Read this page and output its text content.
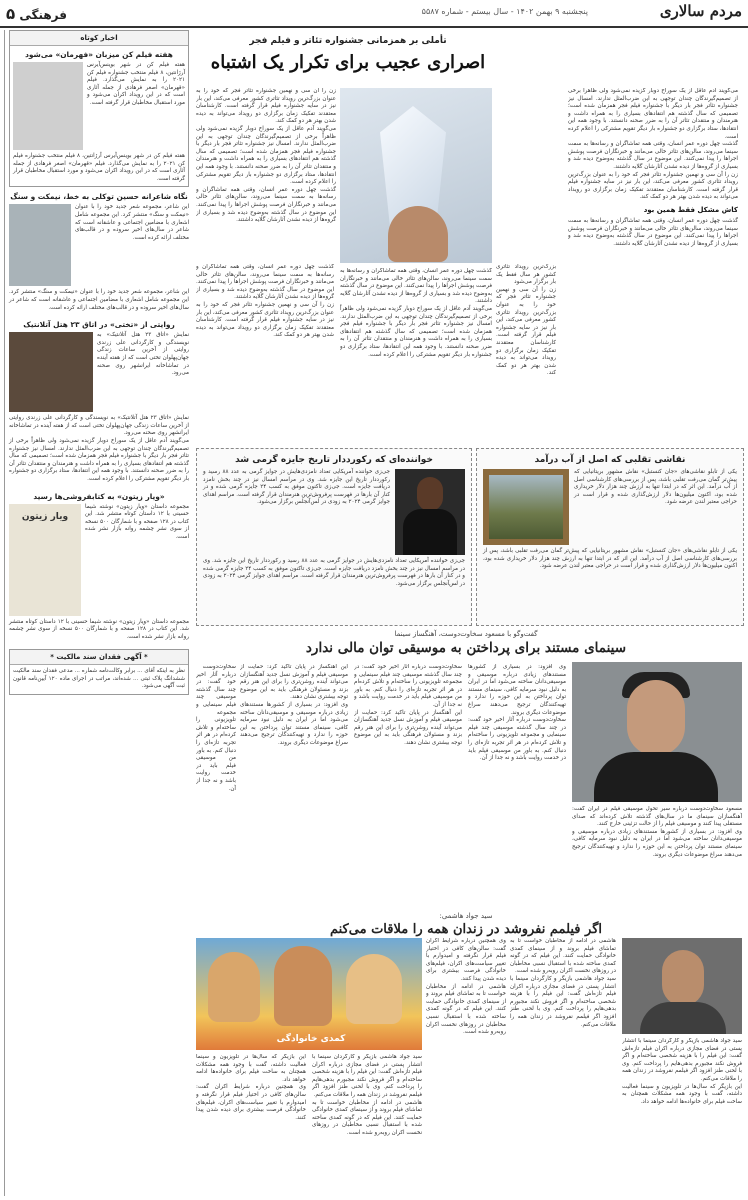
مردم سالاری
پنجشنبه ۹ بهمن ۱۴۰۲ - سال بیستم - شماره ۵۵۸۷
فرهنگی ۵
اخبار کوتاه
هفته فیلم کن میزبان «فهرمان» می‌شود

هفته فیلم کن در شهر بوینس‌آیرس آرژانتین، ۸ فیلم منتخب جشنواره فیلم کن ۲۰۲۱ را به نمایش می‌گذارد. فیلم «قهرمان» اصغر فرهادی از جمله آثاری است که در این رویداد اکران می‌شود و مورد استقبال مخاطبان قرار گرفته است.

هفته فیلم کن در شهر بوینس‌آیرس آرژانتین، ۸ فیلم منتخب جشنواره فیلم کن ۲۰۲۱ را به نمایش می‌گذارد. فیلم «قهرمان» اصغر فرهادی از جمله آثاری است که در این رویداد اکران می‌شود و مورد استقبال مخاطبان قرار گرفته است.

نگاه شاعرانه حسین توکلی به خط، نیمکت و سنگ

این شاعر، مجموعه شعر جدید خود را با عنوان «نیمکت و سنگ» منتشر کرد. این مجموعه شامل اشعاری با مضامین اجتماعی و عاشقانه است که شاعر در سال‌های اخیر سروده و در قالب‌های مختلف ارائه کرده است.

این شاعر، مجموعه شعر جدید خود را با عنوان «نیمکت و سنگ» منتشر کرد. این مجموعه شامل اشعاری با مضامین اجتماعی و عاشقانه است که شاعر در سال‌های اخیر سروده و در قالب‌های مختلف ارائه کرده است.

روایتی از «تختی» در اتاق ۲۳ هتل آتلانتیک

نمایش «اتاق ۲۳ هتل آتلانتیک» به نویسندگی و کارگردانی علی زرندی روایتی از آخرین ساعات زندگی جهان‌پهلوان تختی است که از هفته آینده در تماشاخانه ایرانشهر روی صحنه می‌رود.

نمایش «اتاق ۲۳ هتل آتلانتیک» به نویسندگی و کارگردانی علی زرندی روایتی از آخرین ساعات زندگی جهان‌پهلوان تختی است که از هفته آینده در تماشاخانه ایرانشهر روی صحنه می‌رود.

می‌گویند آدم عاقل از یک سوراخ دوبار گزیده نمی‌شود ولی ظاهراً برخی از تصمیم‌گیرندگان چندان توجهی به این ضرب‌المثل ندارند. امسال نیز جشنواره تئاتر فجر بار دیگر با جشنواره فیلم فجر همزمان شده است؛ تصمیمی که سال گذشته هم انتقادهای بسیاری را به همراه داشت و هنرمندان و منتقدان تئاتر آن را به ضرر صحنه دانستند. با وجود همه این انتقادها، ستاد برگزاری دو جشنواره بار دیگر تقویم مشترکی را اعلام کرده است.

«ویار زیتون» به کتابفروشی‌ها رسید

مجموعه داستان «ویار زیتون» نوشته شیما حسینی با ۱۲ داستان کوتاه منتشر شد. این کتاب در ۱۲۸ صفحه و با شمارگان ۵۰۰ نسخه از سوی نشر چشمه روانه بازار نشر شده است.

ویار زیتون

مجموعه داستان «ویار زیتون» نوشته شیما حسینی با ۱۲ داستان کوتاه منتشر شد. این کتاب در ۱۲۸ صفحه و با شمارگان ۵۰۰ نسخه از سوی نشر چشمه روانه بازار نشر شده است.

* آگهی فقدان سند مالکیت *

نظر به اینکه آقای ... برابر وکالت‌نامه شماره ... مدعی فقدان سند مالکیت ششدانگ پلاک ثبتی ... شده‌اند، مراتب در اجرای ماده ۱۲۰ آیین‌نامه قانون ثبت آگهی می‌شود.

تأملی بر همزمانی جشنواره تئاتر و فیلم فجر
اصراری عجیب برای تکرار یک اشتباه

می‌گویند آدم عاقل از یک سوراخ دوبار گزیده نمی‌شود ولی ظاهراً برخی از تصمیم‌گیرندگان چندان توجهی به این ضرب‌المثل ندارند. امسال نیز جشنواره تئاتر فجر بار دیگر با جشنواره فیلم فجر همزمان شده است؛ تصمیمی که سال گذشته هم انتقادهای بسیاری را به همراه داشت و هنرمندان و منتقدان تئاتر آن را به ضرر صحنه دانستند. با وجود همه این انتقادها، ستاد برگزاری دو جشنواره بار دیگر تقویم مشترکی را اعلام کرده است.

گذشت چهل دوره عمر انسان، وقتی همه تماشاگران و رسانه‌ها به سمت سینما می‌روند، سالن‌های تئاتر خالی می‌مانند و خبرنگاران فرصت پوشش اجراها را پیدا نمی‌کنند. این موضوع در سال گذشته به‌وضوح دیده شد و بسیاری از گروه‌ها از دیده نشدن آثارشان گلایه داشتند.

زن را آن سی و نهمین جشنواره تئاتر فجر که خود را به عنوان بزرگ‌ترین رویداد تئاتری کشور معرفی می‌کند، این بار نیز در سایه جشنواره فیلم قرار گرفته است. کارشناسان معتقدند تفکیک زمان برگزاری دو رویداد می‌تواند به دیده شدن بهتر هر دو کمک کند.

کاش مشکل فقط همین بود

گذشت چهل دوره عمر انسان، وقتی همه تماشاگران و رسانه‌ها به سمت سینما می‌روند، سالن‌های تئاتر خالی می‌مانند و خبرنگاران فرصت پوشش اجراها را پیدا نمی‌کنند. این موضوع در سال گذشته به‌وضوح دیده شد و بسیاری از گروه‌ها از دیده نشدن آثارشان گلایه داشتند.

زن را آن سی و نهمین جشنواره تئاتر فجر که خود را به عنوان بزرگ‌ترین رویداد تئاتری کشور معرفی می‌کند، این بار نیز در سایه جشنواره فیلم قرار گرفته است. کارشناسان معتقدند تفکیک زمان برگزاری دو رویداد می‌تواند به دیده شدن بهتر هر دو کمک کند.

می‌گویند آدم عاقل از یک سوراخ دوبار گزیده نمی‌شود ولی ظاهراً برخی از تصمیم‌گیرندگان چندان توجهی به این ضرب‌المثل ندارند. امسال نیز جشنواره تئاتر فجر بار دیگر با جشنواره فیلم فجر همزمان شده است؛ تصمیمی که سال گذشته هم انتقادهای بسیاری را به همراه داشت و هنرمندان و منتقدان تئاتر آن را به ضرر صحنه دانستند. با وجود همه این انتقادها، ستاد برگزاری دو جشنواره بار دیگر تقویم مشترکی را اعلام کرده است.

گذشت چهل دوره عمر انسان، وقتی همه تماشاگران و رسانه‌ها به سمت سینما می‌روند، سالن‌های تئاتر خالی می‌مانند و خبرنگاران فرصت پوشش اجراها را پیدا نمی‌کنند. این موضوع در سال گذشته به‌وضوح دیده شد و بسیاری از گروه‌ها از دیده نشدن آثارشان گلایه داشتند.

گذشت چهل دوره عمر انسان، وقتی همه تماشاگران و رسانه‌ها به سمت سینما می‌روند، سالن‌های تئاتر خالی می‌مانند و خبرنگاران فرصت پوشش اجراها را پیدا نمی‌کنند. این موضوع در سال گذشته به‌وضوح دیده شد و بسیاری از گروه‌ها از دیده نشدن آثارشان گلایه داشتند.

زن را آن سی و نهمین جشنواره تئاتر فجر که خود را به عنوان بزرگ‌ترین رویداد تئاتری کشور معرفی می‌کند، این بار نیز در سایه جشنواره فیلم قرار گرفته است. کارشناسان معتقدند تفکیک زمان برگزاری دو رویداد می‌تواند به دیده شدن بهتر هر دو کمک کند.

گذشت چهل دوره عمر انسان، وقتی همه تماشاگران و رسانه‌ها به سمت سینما می‌روند، سالن‌های تئاتر خالی می‌مانند و خبرنگاران فرصت پوشش اجراها را پیدا نمی‌کنند. این موضوع در سال گذشته به‌وضوح دیده شد و بسیاری از گروه‌ها از دیده نشدن آثارشان گلایه داشتند.

می‌گویند آدم عاقل از یک سوراخ دوبار گزیده نمی‌شود ولی ظاهراً برخی از تصمیم‌گیرندگان چندان توجهی به این ضرب‌المثل ندارند. امسال نیز جشنواره تئاتر فجر بار دیگر با جشنواره فیلم فجر همزمان شده است؛ تصمیمی که سال گذشته هم انتقادهای بسیاری را به همراه داشت و هنرمندان و منتقدان تئاتر آن را به ضرر صحنه دانستند. با وجود همه این انتقادها، ستاد برگزاری دو جشنواره بار دیگر تقویم مشترکی را اعلام کرده است.

بزرگ‌ترین رویداد تئاتری کشور هر سال فقط یک بار برگزار می‌شود

زن را آن سی و نهمین جشنواره تئاتر فجر که خود را به عنوان بزرگ‌ترین رویداد تئاتری کشور معرفی می‌کند، این بار نیز در سایه جشنواره فیلم قرار گرفته است. کارشناسان معتقدند تفکیک زمان برگزاری دو رویداد می‌تواند به دیده شدن بهتر هر دو کمک کند.

خواننده‌ای که رکورددار تاریخ جایزه گرمی شد

جی‌زی خواننده آمریکایی تعداد نامزدی‌هایش در جوایز گرمی به عدد ۸۸ رسید و رکورددار تاریخ این جایزه شد. وی در مراسم امسال نیز در چند بخش نامزد دریافت جایزه است. جی‌زی تاکنون موفق به کسب ۲۴ جایزه گرمی شده و در کنار آن بارها در فهرست پرفروش‌ترین هنرمندان قرار گرفته است. مراسم اهدای جوایز گرمی ۲۰۲۴ به زودی در لس‌آنجلس برگزار می‌شود.

جی‌زی خواننده آمریکایی تعداد نامزدی‌هایش در جوایز گرمی به عدد ۸۸ رسید و رکورددار تاریخ این جایزه شد. وی در مراسم امسال نیز در چند بخش نامزد دریافت جایزه است. جی‌زی تاکنون موفق به کسب ۲۴ جایزه گرمی شده و در کنار آن بارها در فهرست پرفروش‌ترین هنرمندان قرار گرفته است. مراسم اهدای جوایز گرمی ۲۰۲۴ به زودی در لس‌آنجلس برگزار می‌شود.

نقاشی تقلبی که اصل از آب درآمد

یکی از تابلو نقاشی‌های «جان کنستبل» نقاش مشهور بریتانیایی که پیش‌تر گمان می‌رفت تقلبی باشد، پس از بررسی‌های کارشناسی اصل از آب درآمد. این اثر که در ابتدا تنها به ارزش چند هزار دلار خریداری شده بود، اکنون میلیون‌ها دلار ارزش‌گذاری شده و قرار است در حراجی معتبر لندن عرضه شود.

یکی از تابلو نقاشی‌های «جان کنستبل» نقاش مشهور بریتانیایی که پیش‌تر گمان می‌رفت تقلبی باشد، پس از بررسی‌های کارشناسی اصل از آب درآمد. این اثر که در ابتدا تنها به ارزش چند هزار دلار خریداری شده بود، اکنون میلیون‌ها دلار ارزش‌گذاری شده و قرار است در حراجی معتبر لندن عرضه شود.

گفت‌وگو با مسعود سخاوت‌دوست، آهنگساز سینما
سینمای مستند برای پرداختن به موسیقی توان مالی ندارد

مسعود سخاوت‌دوست درباره سیر تحول موسیقی فیلم در ایران گفت: آهنگسازان سینمای ما در سال‌های گذشته تلاش کرده‌اند که صدای مستقلی پیدا کنند و موسیقی فیلم را از حالت تزئینی خارج کنند.

وی افزود: در بسیاری از کشورها مستندهای زیادی درباره موسیقی و موسیقی‌دانان ساخته می‌شود اما در ایران به دلیل نبود سرمایه کافی، سینمای مستند توان پرداختن به این حوزه را ندارد و تهیه‌کنندگان ترجیح می‌دهند سراغ موضوعات دیگری بروند.

وی افزود: در بسیاری از کشورها مستندهای زیادی درباره موسیقی و موسیقی‌دانان ساخته می‌شود اما در ایران به دلیل نبود سرمایه کافی، سینمای مستند توان پرداختن به این حوزه را ندارد و تهیه‌کنندگان ترجیح می‌دهند سراغ موضوعات دیگری بروند.

سخاوت‌دوست درباره آثار اخیر خود گفت: در چند سال گذشته موسیقی چند فیلم سینمایی و مجموعه تلویزیونی را ساخته‌ام و تلاش کرده‌ام در هر اثر تجربه تازه‌ای را دنبال کنم. به باور من موسیقی فیلم باید در خدمت روایت باشد و نه جدا از آن.

سخاوت‌دوست درباره آثار اخیر خود گفت: در چند سال گذشته موسیقی چند فیلم سینمایی و مجموعه تلویزیونی را ساخته‌ام و تلاش کرده‌ام در هر اثر تجربه تازه‌ای را دنبال کنم. به باور من موسیقی فیلم باید در خدمت روایت باشد و نه جدا از آن.

این آهنگساز در پایان تاکید کرد: حمایت از موسیقی فیلم و آموزش نسل جدید آهنگسازان می‌تواند آینده روشن‌تری را برای این هنر رقم بزند و مسئولان فرهنگی باید به این موضوع توجه بیشتری نشان دهند.

این آهنگساز در پایان تاکید کرد: حمایت از موسیقی فیلم و آموزش نسل جدید آهنگسازان می‌تواند آینده روشن‌تری را برای این هنر رقم بزند و مسئولان فرهنگی باید به این موضوع توجه بیشتری نشان دهند.

وی افزود: در بسیاری از کشورها مستندهای زیادی درباره موسیقی و موسیقی‌دانان ساخته می‌شود اما در ایران به دلیل نبود سرمایه کافی، سینمای مستند توان پرداختن به این حوزه را ندارد و تهیه‌کنندگان ترجیح می‌دهند سراغ موضوعات دیگری بروند.

سخاوت‌دوست درباره آثار اخیر خود گفت: در چند سال گذشته موسیقی چند فیلم سینمایی و مجموعه تلویزیونی را ساخته‌ام و تلاش کرده‌ام در هر اثر تجربه تازه‌ای را دنبال کنم. به باور من موسیقی فیلم باید در خدمت روایت باشد و نه جدا از آن.

سید جواد هاشمی:
اگر فیلمم نفروشد در زندان همه را ملاقات می‌کنم

سید جواد هاشمی بازیگر و کارگردان سینما با انتشار پستی در فضای مجازی درباره اکران فیلم تازه‌اش گفت: این فیلم را با هزینه شخصی ساخته‌ام و اگر فروش نکند مجبورم بدهی‌هایم را پرداخت کنم. وی با لحنی طنز افزود اگر فیلمم نفروشد در زندان همه را ملاقات می‌کنم.

این بازیگر که سال‌ها در تلویزیون و سینما فعالیت داشته، گفت با وجود همه مشکلات همچنان به ساخت فیلم برای خانواده‌ها ادامه خواهد داد.

هاشمی در ادامه از مخاطبان خواست تا به تماشای فیلم بروند و از سینمای کمدی خانوادگی حمایت کنند. این فیلم که در گونه کمدی ساخته شده با استقبال نسبی مخاطبان در روزهای نخست اکران روبه‌رو شده است.

سید جواد هاشمی بازیگر و کارگردان سینما با انتشار پستی در فضای مجازی درباره اکران فیلم تازه‌اش گفت: این فیلم را با هزینه شخصی ساخته‌ام و اگر فروش نکند مجبورم بدهی‌هایم را پرداخت کنم. وی با لحنی طنز افزود اگر فیلمم نفروشد در زندان همه را ملاقات می‌کنم.

وی همچنین درباره شرایط اکران گفت: سالن‌های کافی در اختیار فیلم قرار نگرفته و امیدوارم با تغییر سیاست‌های اکران، فیلم‌های خانوادگی فرصت بیشتری برای دیده شدن پیدا کنند.

هاشمی در ادامه از مخاطبان خواست تا به تماشای فیلم بروند و از سینمای کمدی خانوادگی حمایت کنند. این فیلم که در گونه کمدی ساخته شده با استقبال نسبی مخاطبان در روزهای نخست اکران روبه‌رو شده است.

کمدی خانوادگی

این بازیگر که سال‌ها در تلویزیون و سینما فعالیت داشته، گفت با وجود همه مشکلات همچنان به ساخت فیلم برای خانواده‌ها ادامه خواهد داد.

وی همچنین درباره شرایط اکران گفت: سالن‌های کافی در اختیار فیلم قرار نگرفته و امیدوارم با تغییر سیاست‌های اکران، فیلم‌های خانوادگی فرصت بیشتری برای دیده شدن پیدا کنند.

سید جواد هاشمی بازیگر و کارگردان سینما با انتشار پستی در فضای مجازی درباره اکران فیلم تازه‌اش گفت: این فیلم را با هزینه شخصی ساخته‌ام و اگر فروش نکند مجبورم بدهی‌هایم را پرداخت کنم. وی با لحنی طنز افزود اگر فیلمم نفروشد در زندان همه را ملاقات می‌کنم.

هاشمی در ادامه از مخاطبان خواست تا به تماشای فیلم بروند و از سینمای کمدی خانوادگی حمایت کنند. این فیلم که در گونه کمدی ساخته شده با استقبال نسبی مخاطبان در روزهای نخست اکران روبه‌رو شده است.
